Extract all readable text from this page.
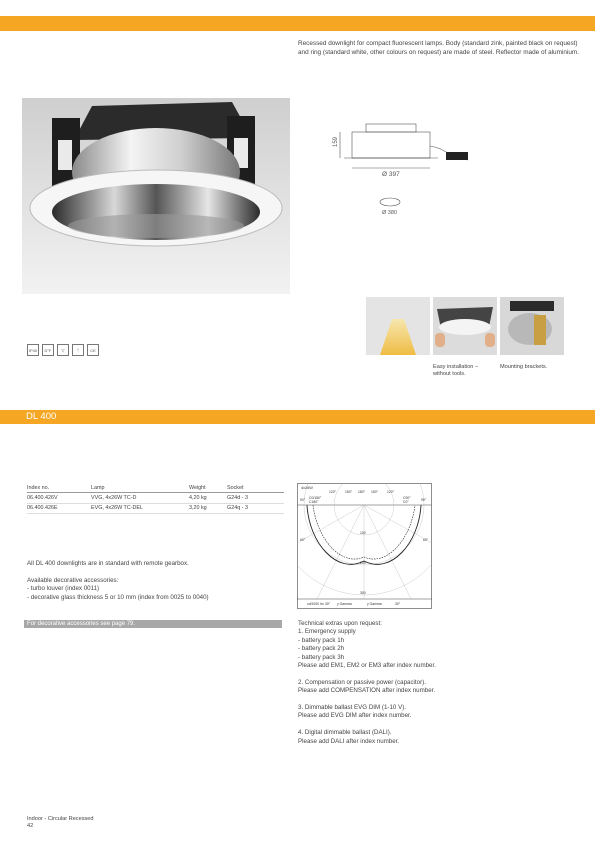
Recessed downlight for compact fluorescent lamps. Body (standard zink, painted black on request) and ring (standard white, other colours on request) are made of steel. Reflector made of aluminium.
159
Ø 397
Ø 380
Easy installation – without tools.
Mounting brackets.
IP40	D°F	▽	⏚	CE
DL 400
Index no.	Lamp	Weight	Socket
06.400.426V	VVG, 4x26W TC-D	4,20 kg	G24d - 3
06.400.426E	EVG, 4x26W TC-DEL	3,20 kg	G24q - 3
4x26W
120°	150° 180° 150°	120°
90° C0/180°
C180°
C90°
C0°	90°
100
200
300
60°	60°
cd/1000 lm 30° γ Gamma	γ Gamma	30°
All DL 400 downlights are in standard with remote gearbox.
Available decorative accessories:
- turbo louver (index 0011)
- decorative glass thickness 5 or 10 mm (index from 0025 to 0040)
For decorative accessories see page 79.	Technical extras upon request:
1. Emergency supply
- battery pack 1h
- battery pack 2h
- battery pack 3h
Please add EM1, EM2 or EM3 after index number.
2. Compensation or passive power (capacitor).
Please add COMPENSATION after index number.
3. Dimmable ballast EVG DIM (1-10 V).
Please add EVG DIM after index number.
4. Digital dimmable ballast (DALI).
Please add DALI after index number.
Indoor - Circular Recessed
42
